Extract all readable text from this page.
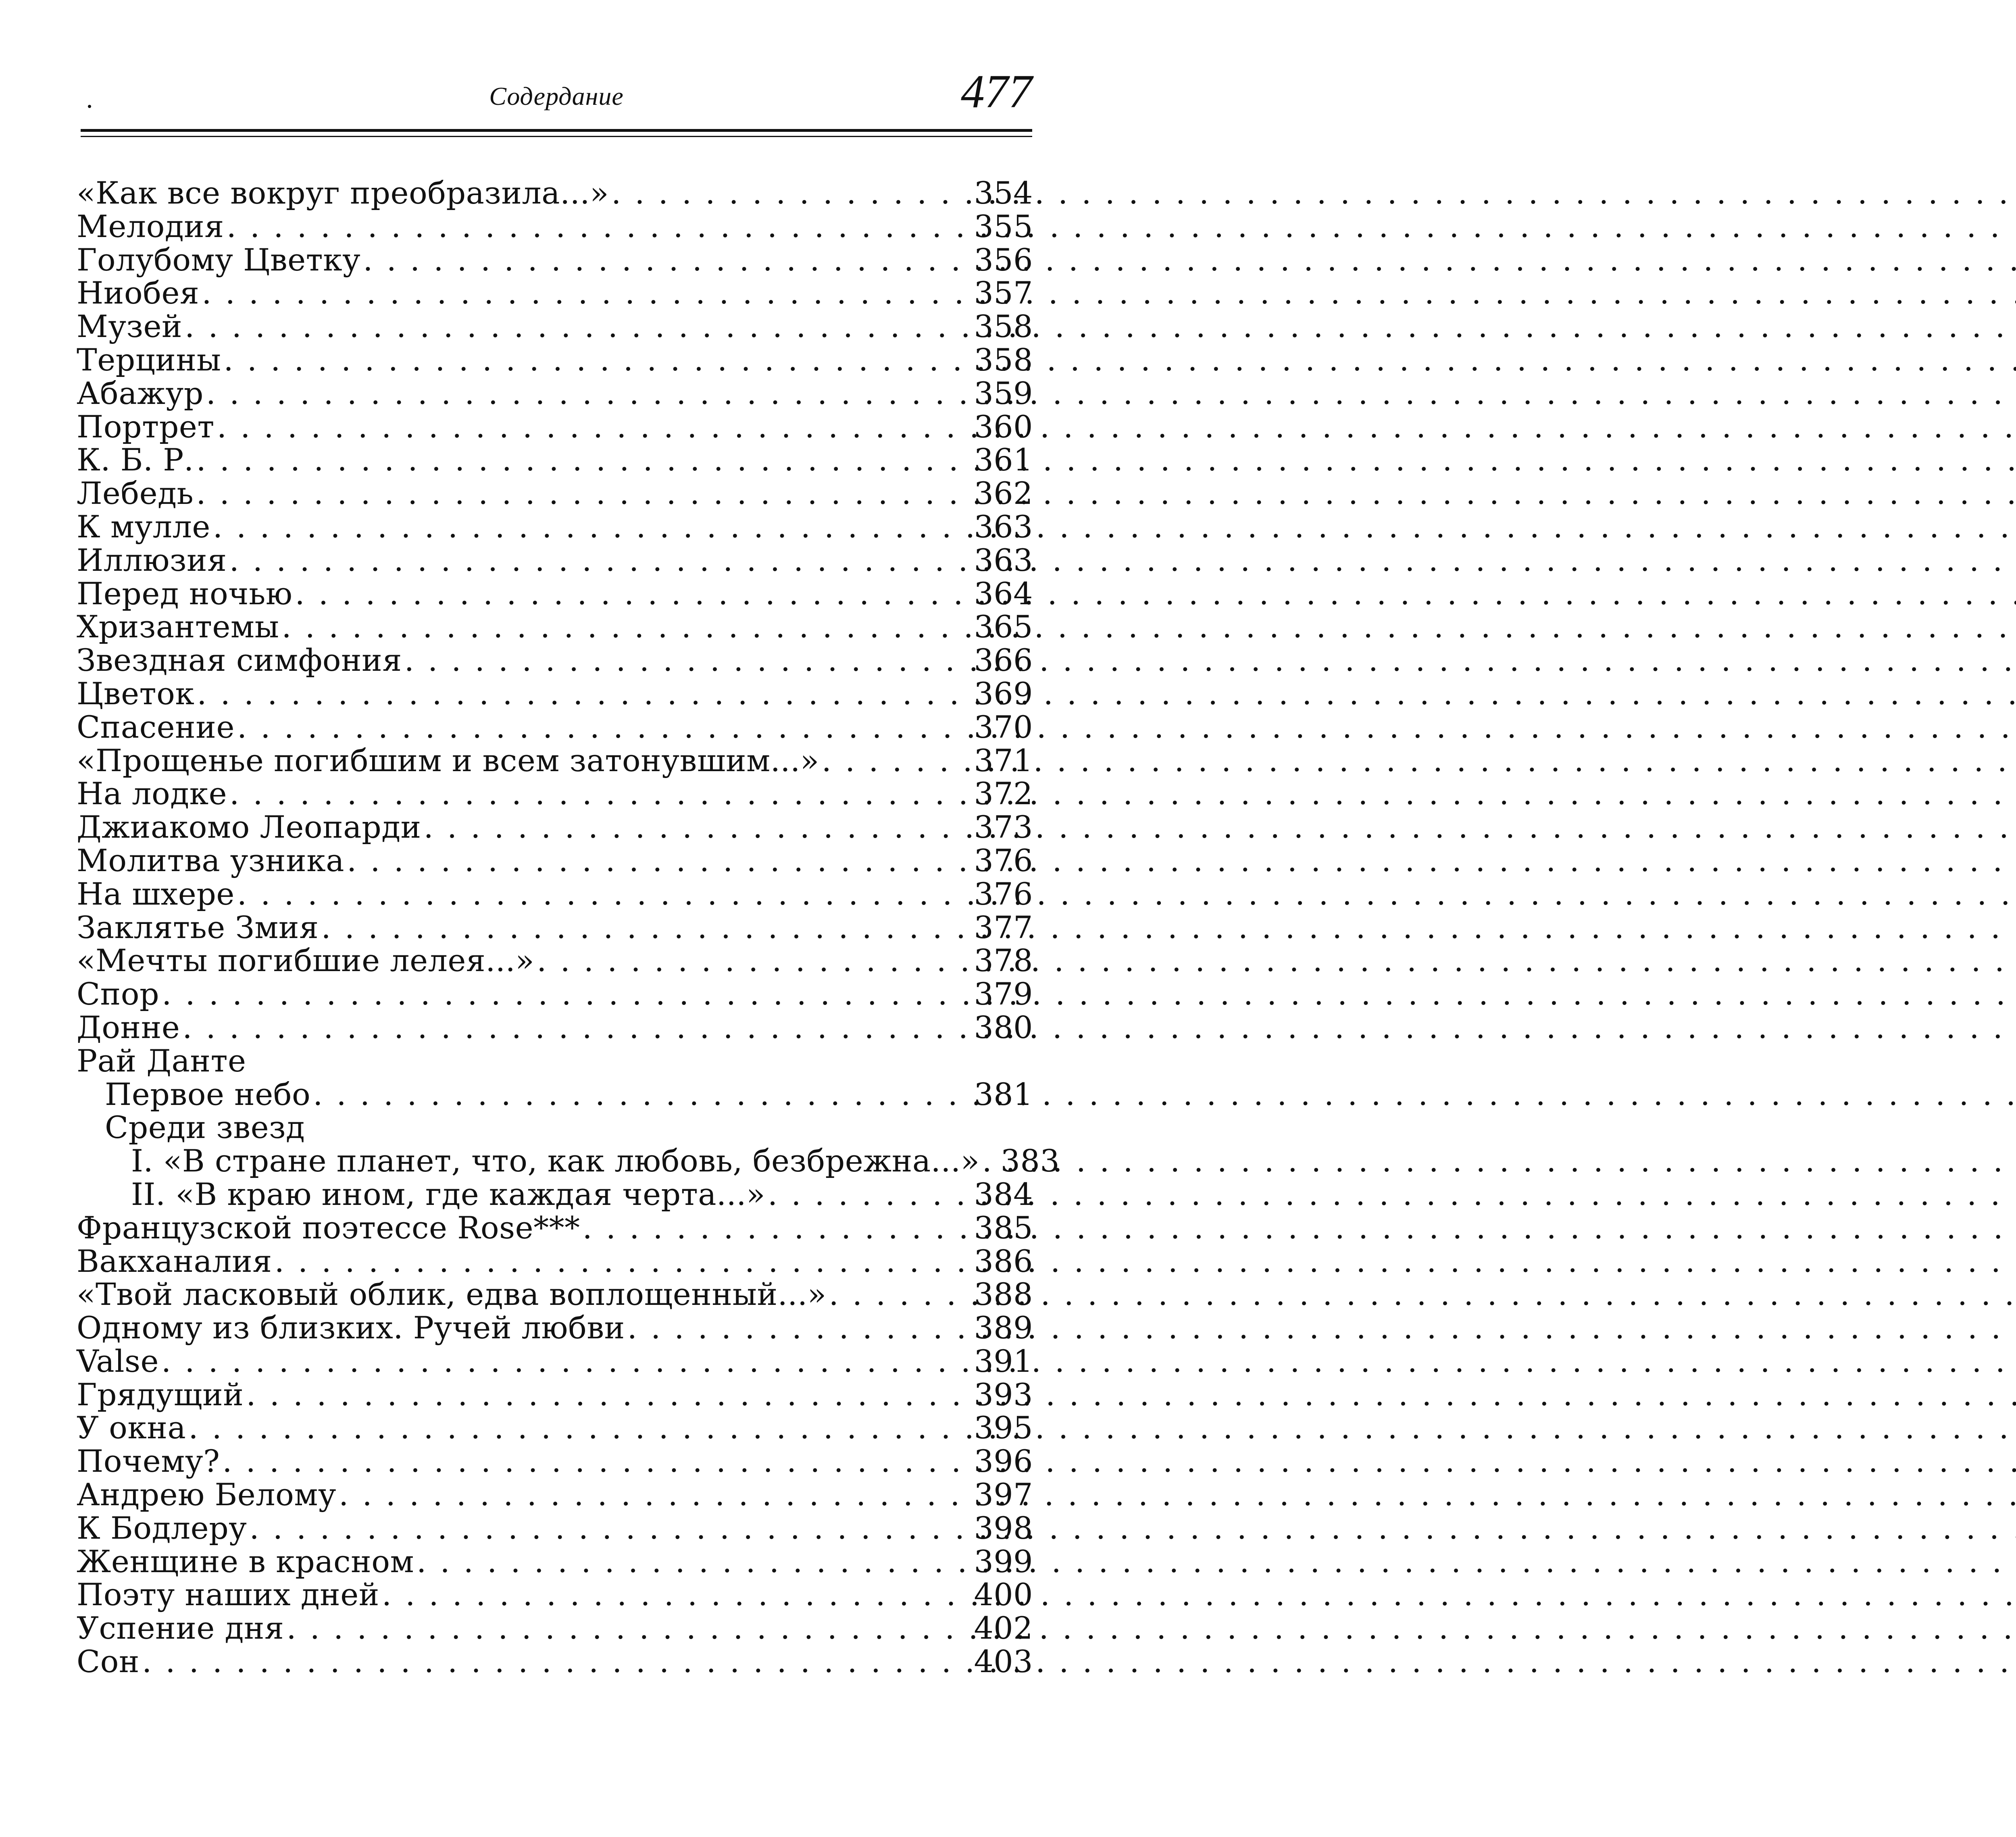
Содердание	477
«Как все вокруг преобразила...» . . .	354
Мелодия . . .	355
Голубому Цветку . . .	356
Ниобея . . .	357
Музей . . .	358
Терцины . . .	358
Абажур . . .	359
Портрет . . .	360
К. Б. Р. . . .	361
Лебедь . . .	362
К мулле . . .	363
Иллюзия . . .	363
Перед ночью . . .	364
Хризантемы . . .	365
Звездная симфония . . .	366
Цветок . . .	369
Спасение . . .	370
«Прощенье погибшим и всем затонувшим...» . . .	371
На лодке . . .	372
Джиакомо Леопарди . . .	373
Молитва узника . . .	376
На шхере . . .	376
Заклятье Змия . . .	377
«Мечты погибшие лелея...» . . .	378
Спор . . .	379
Донне . . .	380
Рай Данте
Первое небо . . .	381
Среди звезд
I. «В стране планет, что, как любовь, безбрежна...» . . . 383
II. «В краю ином, где каждая черта...» . . .	384
Французской поэтессе Rose*** . . .	385
Вакханалия . . .	386
«Твой ласковый облик, едва воплощенный...» . . .	388
Одному из близких. Ручей любви . . .	389
Valse . . .	391
Грядущий . . .	393
У окна . . .	395
Почему? . . .	396
Андрею Белому . . .	397
К Бодлеру . . .	398
Женщине в красном . . .	399
Поэту наших дней . . .	400
Успение дня . . .	402
Сон . . .	403
